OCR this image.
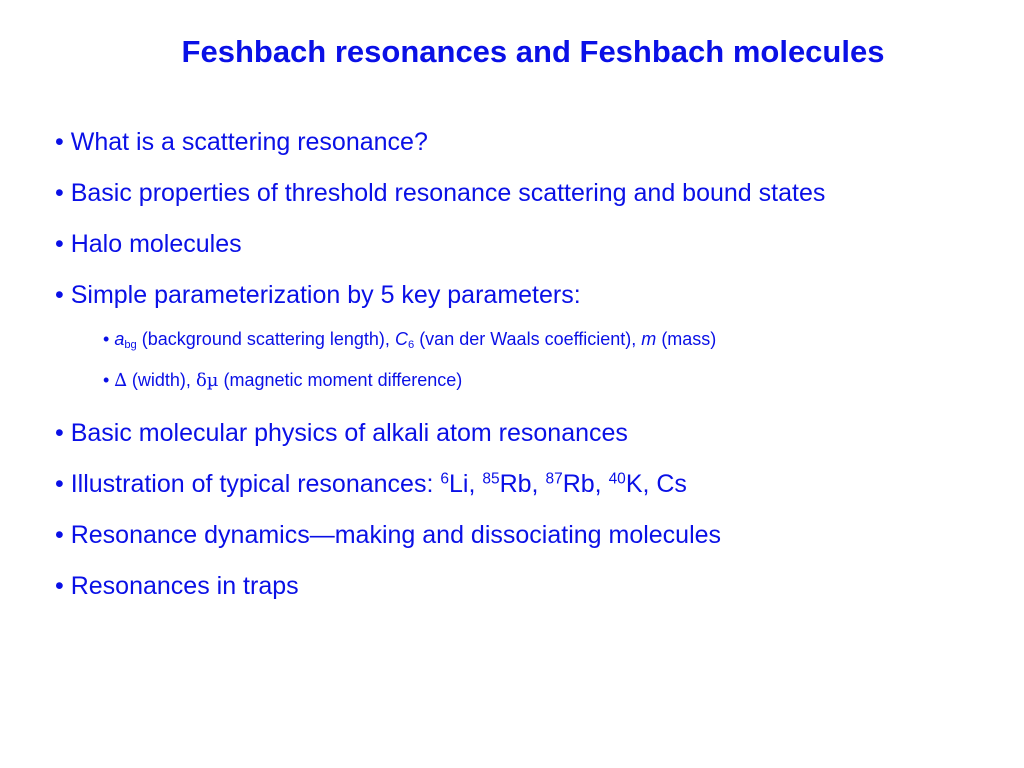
Feshbach resonances and Feshbach molecules
• What is a scattering resonance?
• Basic properties of threshold resonance scattering and bound states
• Halo molecules
• Simple parameterization by 5 key parameters:
• $a_{bg}$ (background scattering length), $C_6$ (van der Waals coefficient), m (mass)
• ∆ (width), δµ (magnetic moment difference)
• Basic molecular physics of alkali atom resonances
• Illustration of typical resonances: $^6$Li, $^{85}$Rb, $^{87}$Rb, $^{40}$K, Cs
• Resonance dynamics—making and dissociating molecules
• Resonances in traps
